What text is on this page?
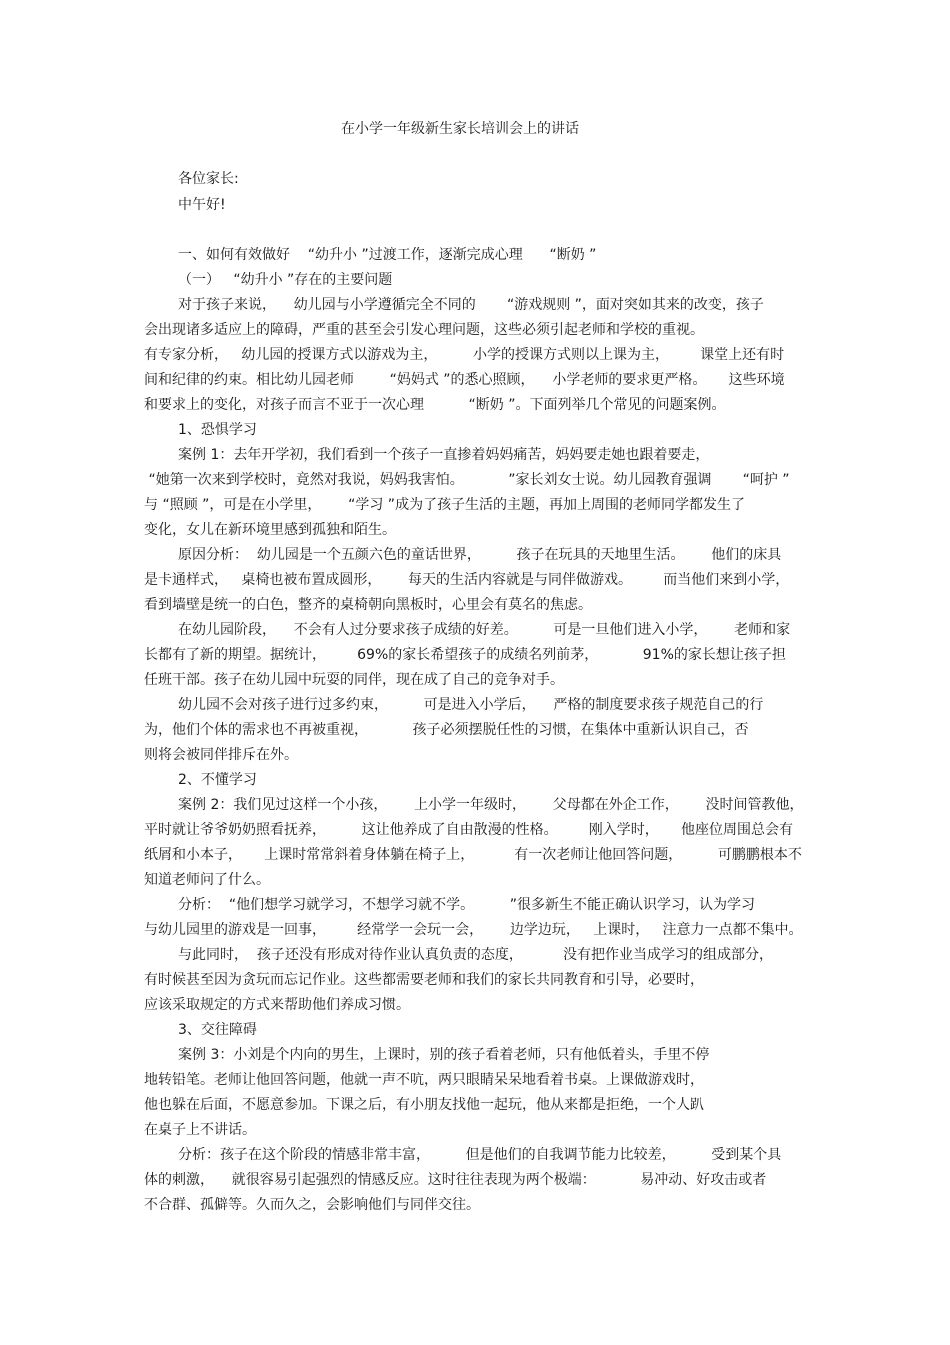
在小学一年级新生家长培训会上的讲话
各位家长:
中午好!
一、如何有效做好    “幼升小 ”过渡工作，逐渐完成心理      “断奶 ”
（一）   “幼升小 ”存在的主要问题
对于孩子来说，    幼儿园与小学遵循完全不同的       “游戏规则 ”，面对突如其来的改变，孩子
会出现诸多适应上的障碍，严重的甚至会引发心理问题，这些必须引起老师和学校的重视。
有专家分析，   幼儿园的授课方式以游戏为主，        小学的授课方式则以上课为主，       课堂上还有时
间和纪律的约束。相比幼儿园老师        “妈妈式 ”的悉心照顾，    小学老师的要求更严格。     这些环境
和要求上的变化，对孩子而言不亚于一次心理          “断奶 ”。下面列举几个常见的问题案例。
1、恐惧学习
案例 1：去年开学初，我们看到一个孩子一直掺着妈妈痛苦，妈妈要走她也跟着要走，
“她第一次来到学校时，竟然对我说，妈妈我害怕。          ”家长刘女士说。幼儿园教育强调       “呵护 ”
与 “照顾 ”，可是在小学里，      “学习 ”成为了孩子生活的主题，再加上周围的老师同学都发生了
变化，女儿在新环境里感到孤独和陌生。
原因分析：  幼儿园是一个五颜六色的童话世界，        孩子在玩具的天地里生活。      他们的床具
是卡通样式，   桌椅也被布置成圆形，      每天的生活内容就是与同伴做游戏。       而当他们来到小学，
看到墙壁是统一的白色，整齐的桌椅朝向黑板时，心里会有莫名的焦虑。
在幼儿园阶段，    不会有人过分要求孩子成绩的好差。        可是一旦他们进入小学，      老师和家
长都有了新的期望。据统计，       69%的家长希望孩子的成绩名列前茅，          91%的家长想让孩子担
任班干部。孩子在幼儿园中玩耍的同伴，现在成了自己的竞争对手。
幼儿园不会对孩子进行过多约束，        可是进入小学后，    严格的制度要求孩子规范自己的行
为，他们个体的需求也不再被重视，          孩子必须摆脱任性的习惯，在集体中重新认识自己，否
则将会被同伴排斥在外。
2、不懂学习
案例 2：我们见过这样一个小孩，      上小学一年级时，      父母都在外企工作，      没时间管教他，
平时就让爷爷奶奶照看抚养，        这让他养成了自由散漫的性格。       刚入学时，     他座位周围总会有
纸屑和小本子，     上课时常常斜着身体躺在椅子上，         有一次老师让他回答问题，        可鹏鹏根本不
知道老师问了什么。
分析：  “他们想学习就学习，不想学习就不学。        ”很多新生不能正确认识学习，认为学习
与幼儿园里的游戏是一回事，       经常学一会玩一会，      边学边玩，   上课时，   注意力一点都不集中。
与此同时，  孩子还没有形成对待作业认真负责的态度，         没有把作业当成学习的组成部分，
有时候甚至因为贪玩而忘记作业。这些都需要老师和我们的家长共同教育和引导，必要时，
应该采取规定的方式来帮助他们养成习惯。
3、交往障碍
案例 3：小刘是个内向的男生，上课时，别的孩子看着老师，只有他低着头，手里不停
地转铅笔。老师让他回答问题，他就一声不吭，两只眼睛呆呆地看着书桌。上课做游戏时，
他也躲在后面，不愿意参加。下课之后，有小朋友找他一起玩，他从来都是拒绝，一个人趴
在桌子上不讲话。
分析：孩子在这个阶段的情感非常丰富，        但是他们的自我调节能力比较差，        受到某个具
体的刺激，    就很容易引起强烈的情感反应。这时往往表现为两个极端：          易冲动、好攻击或者
不合群、孤僻等。久而久之，会影响他们与同伴交往。
